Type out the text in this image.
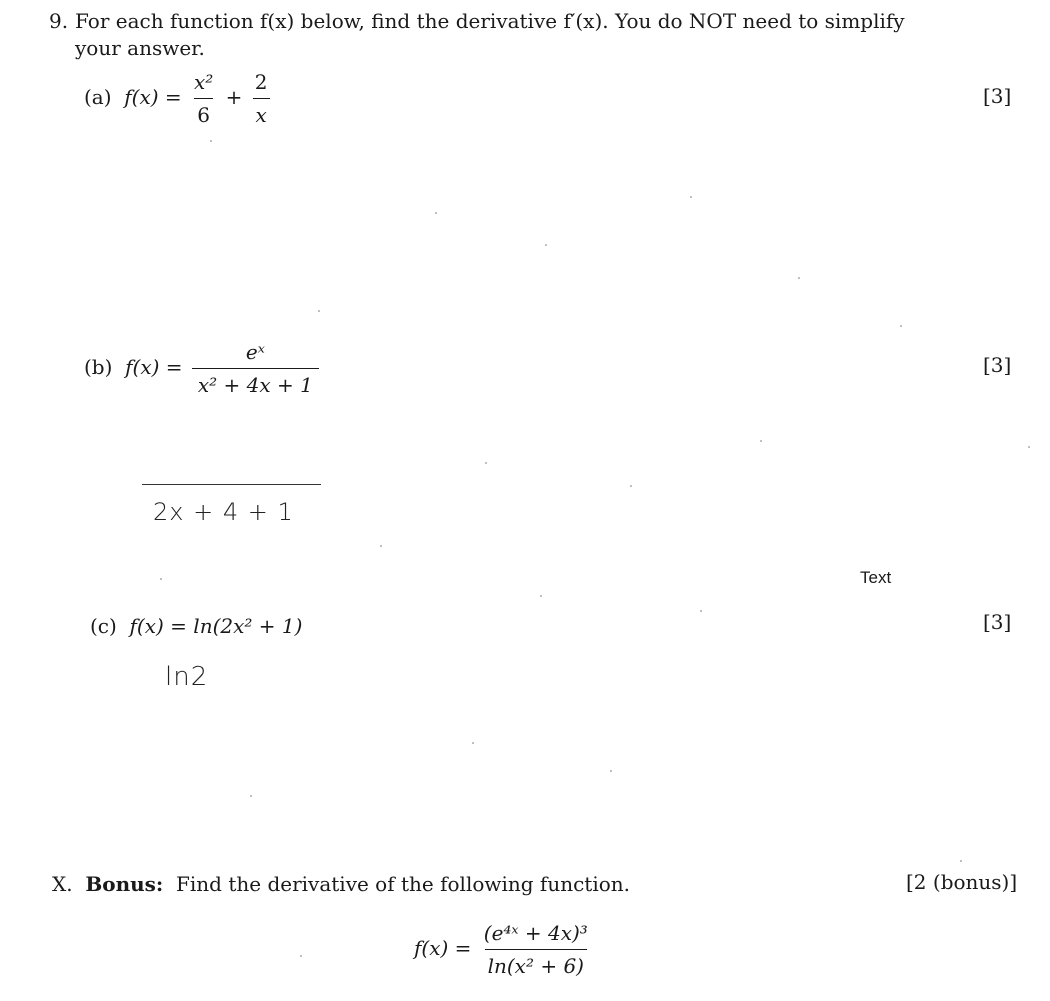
9. For each function f(x) below, find the derivative f′(x). You do NOT need to simplify
your answer.
(a) $f(x) = \frac{\text{x²}}{6} + \frac{2}{x}$	[3]
(b) $f(x) = \frac{\text{eˣ}}{\text{x² + 4x + 1}}$	[3]
2x + 4 + 1
Text
(c) f(x) = ln(2x² + 1)	[3]
ln2
X. Bonus: Find the derivative of the following function.	[2 (bonus)]
$f(x) = \frac{\text{(e⁴ˣ + 4x)³}}{\text{ln(x² + 6)}}$
